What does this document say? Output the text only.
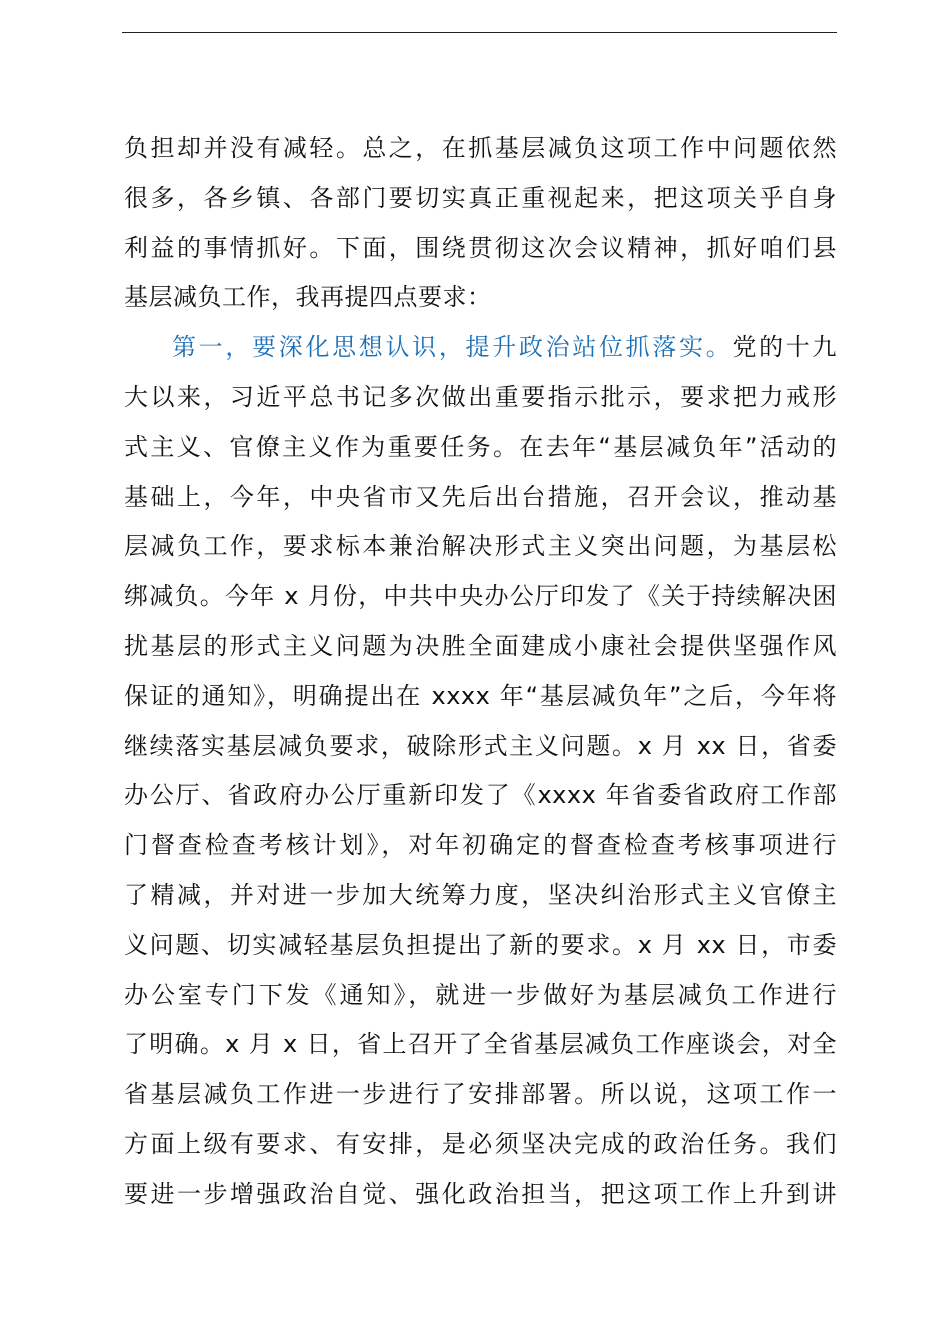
负担却并没有减轻。总之，在抓基层减负这项工作中问题依然
很多，各乡镇、各部门要切实真正重视起来，把这项关乎自身
利益的事情抓好。下面，围绕贯彻这次会议精神，抓好咱们县
基层减负工作，我再提四点要求：
第一，要深化思想认识，提升政治站位抓落实。党的十九
大以来，习近平总书记多次做出重要指示批示，要求把力戒形
式主义、官僚主义作为重要任务。在去年“基层减负年”活动的
基础上，今年，中央省市又先后出台措施，召开会议，推动基
层减负工作，要求标本兼治解决形式主义突出问题，为基层松
绑减负。今年 x 月份，中共中央办公厅印发了《关于持续解决困
扰基层的形式主义问题为决胜全面建成小康社会提供坚强作风
保证的通知》，明确提出在 xxxx 年“基层减负年”之后，今年将
继续落实基层减负要求，破除形式主义问题。x 月 xx 日，省委
办公厅、省政府办公厅重新印发了《xxxx 年省委省政府工作部
门督查检查考核计划》，对年初确定的督查检查考核事项进行
了精减，并对进一步加大统筹力度，坚决纠治形式主义官僚主
义问题、切实减轻基层负担提出了新的要求。x 月 xx 日，市委
办公室专门下发《通知》，就进一步做好为基层减负工作进行
了明确。x 月 x 日，省上召开了全省基层减负工作座谈会，对全
省基层减负工作进一步进行了安排部署。所以说，这项工作一
方面上级有要求、有安排，是必须坚决完成的政治任务。我们
要进一步增强政治自觉、强化政治担当，把这项工作上升到讲
